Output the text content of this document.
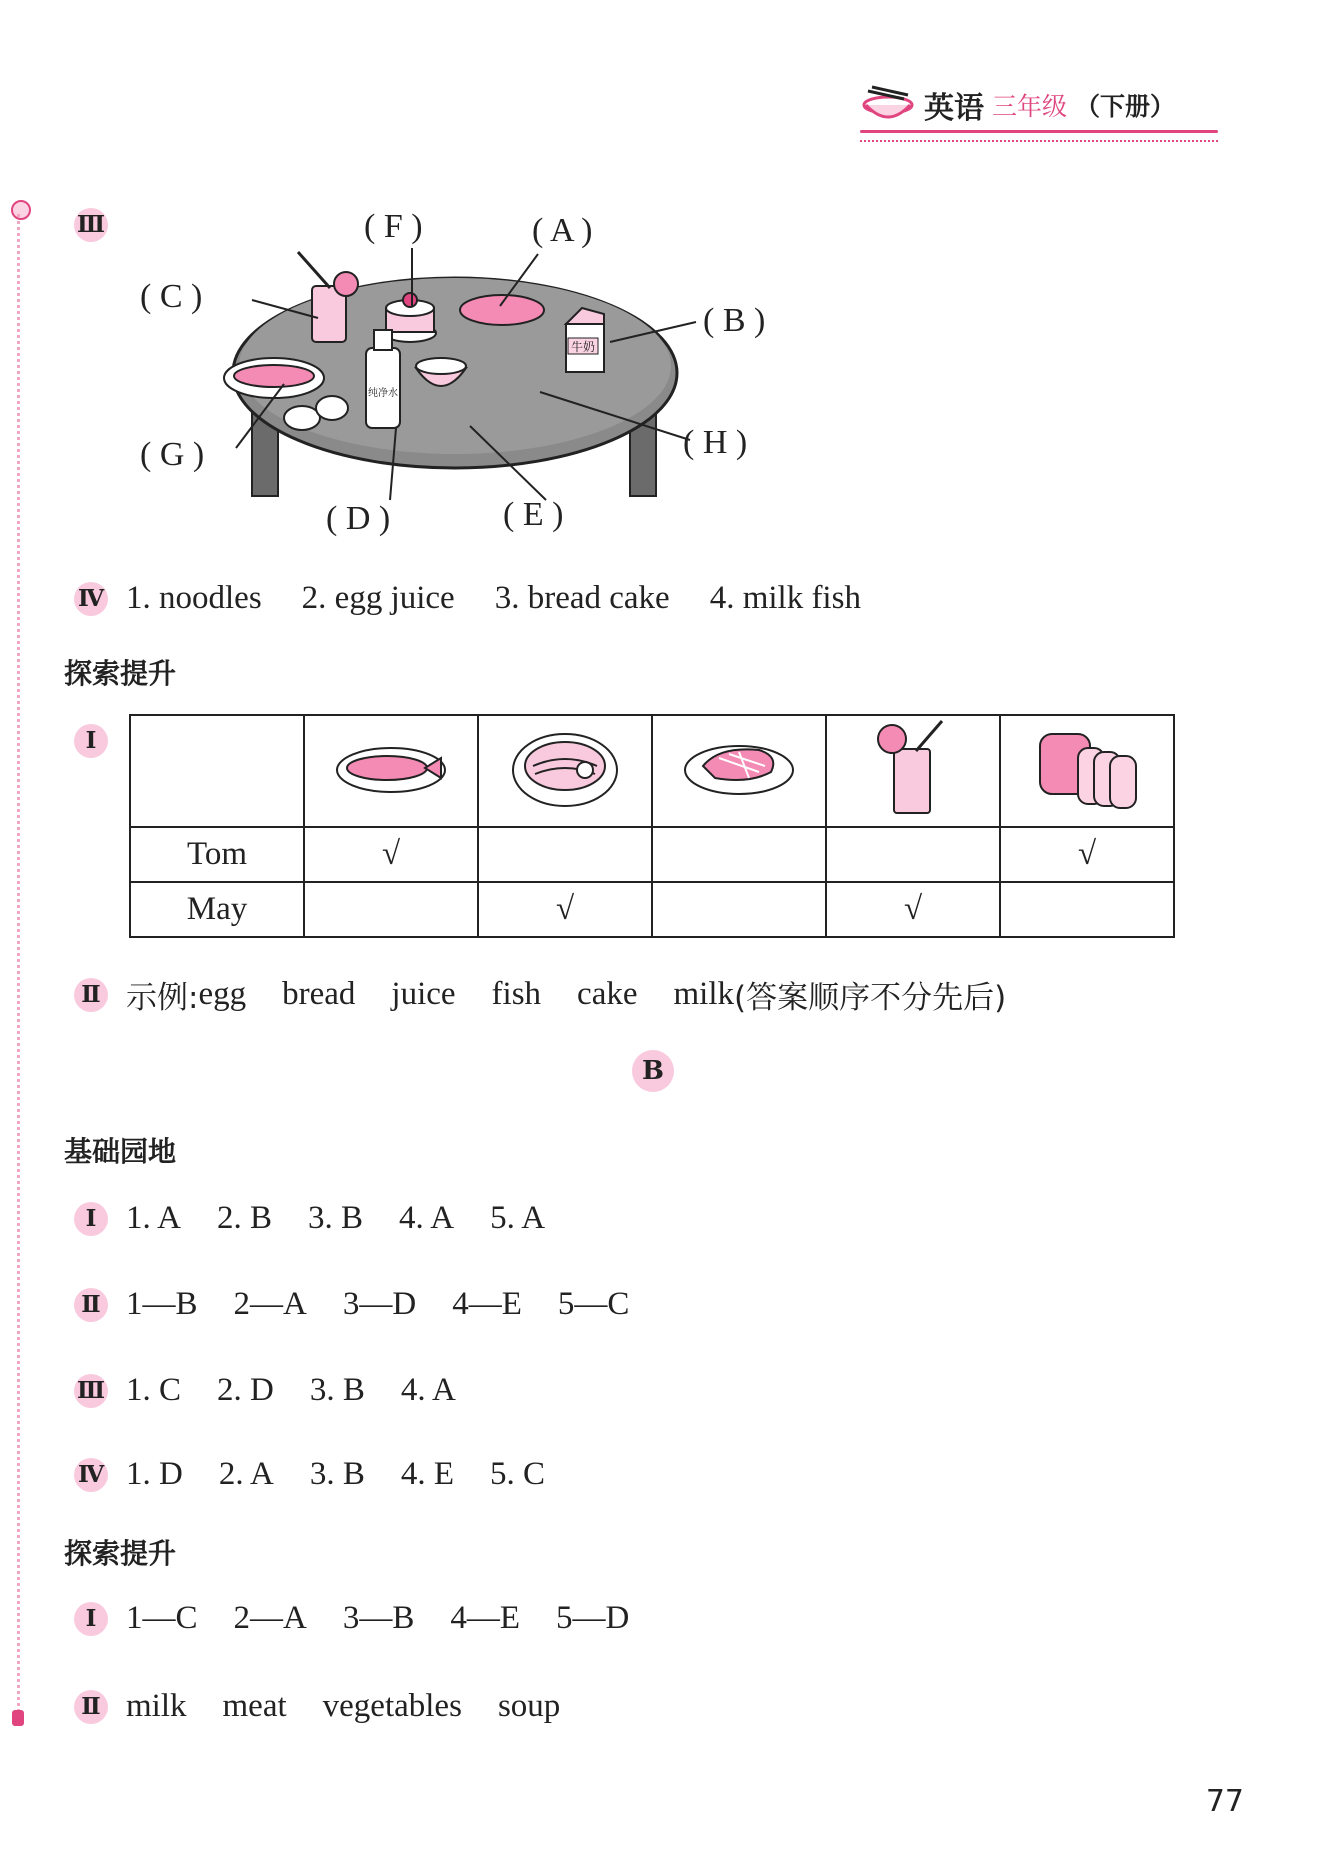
英语 三年级 （下册）
Ⅲ
牛奶
纯净水
( F )	( A )
( C )
( B )
( G )	( H )
( D )	( E )
Ⅳ 1. noodles 2. egg juice 3. bread cake 4. milk fish
探索提升
Ⅰ

Tom	√				√
May		√		√	
Ⅱ 示例: egg bread juice fish cake milk (答案顺序不分先后)
B
基础园地
Ⅰ 1. A 2. B 3. B 4. A 5. A
Ⅱ 1—B 2—A 3—D 4—E 5—C
Ⅲ 1. C 2. D 3. B 4. A
Ⅳ 1. D 2. A 3. B 4. E 5. C
探索提升
Ⅰ 1—C 2—A 3—B 4—E 5—D
Ⅱ milk meat vegetables soup
77
